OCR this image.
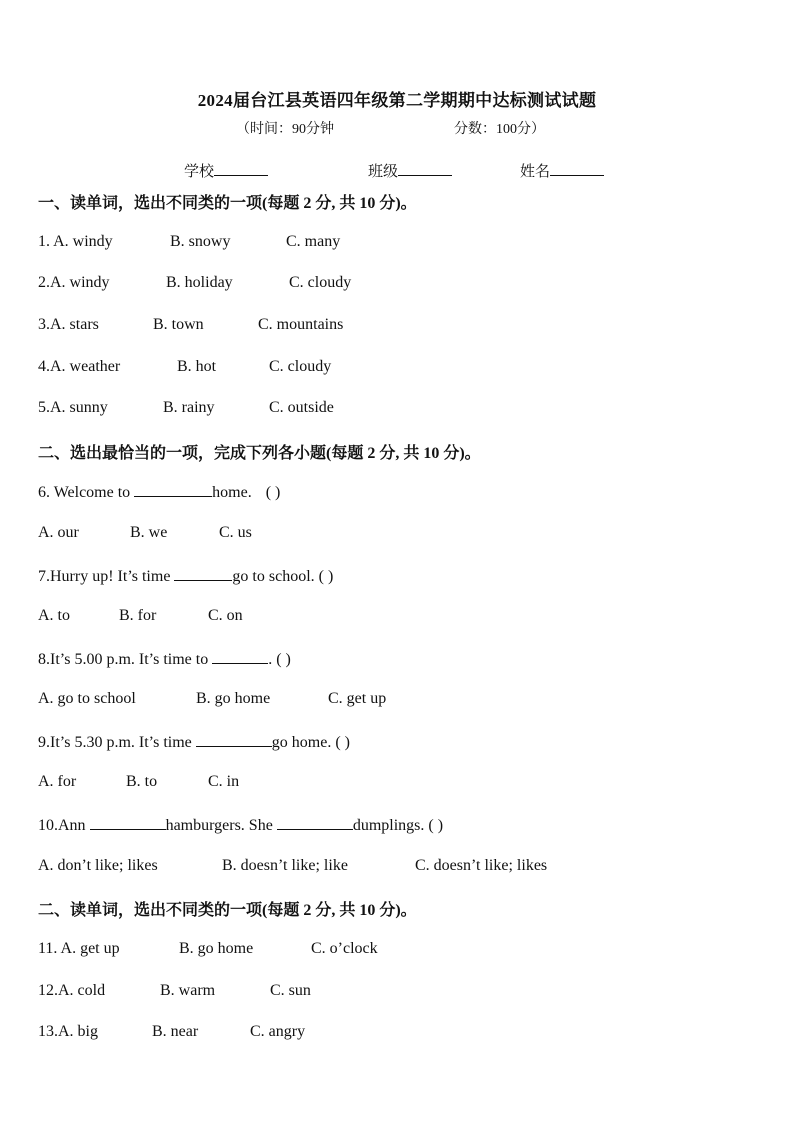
2024届台江县英语四年级第二学期期中达标测试试题
（时间：90分钟	分数：100分）
学校	班级	姓名
一、读单词，选出不同类的一项(每题 2 分, 共 10 分)。
1. A. windy	B. snowy	C. many
2.A. windy	B. holiday	C. cloudy
3.A. stars	B. town	C. mountains
4.A. weather	B. hot	C. cloudy
5.A. sunny	B. rainy	C. outside
二、选出最恰当的一项，完成下列各小题(每题 2 分, 共 10 分)。
6. Welcome to	home. ( )
A. our	B. we	C. us
7.Hurry up! It’s time	go to school. ( )
A. to	B. for	C. on
8.It’s 5.00 p.m. It’s time to	. ( )
A. go to school	B. go home	C. get up
9.It’s 5.30 p.m. It’s time	go home. ( )
A. for	B. to	C. in
10.Ann	hamburgers. She	dumplings. ( )
A. don’t like; likes	B. doesn’t like; like	C. doesn’t like; likes
二、读单词，选出不同类的一项(每题 2 分, 共 10 分)。
11. A. get up	B. go home	C. o’clock
12.A. cold	B. warm	C. sun
13.A. big	B. near	C. angry
